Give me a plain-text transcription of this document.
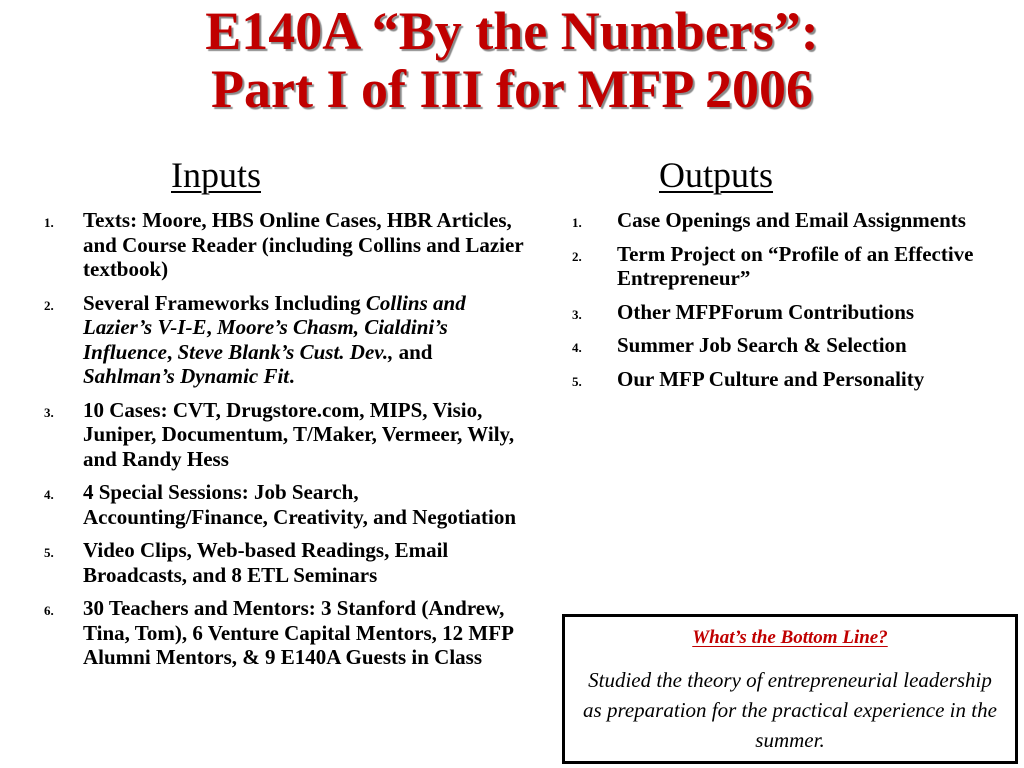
E140A “By the Numbers”:
Part I of III for MFP 2006
Inputs	Outputs
1. Texts: Moore, HBS Online Cases, HBR Articles, and Course Reader (including Collins and Lazier textbook)
2. Several Frameworks Including Collins and Lazier’s V-I-E, Moore’s Chasm, Cialdini’s Influence, Steve Blank’s Cust. Dev., and Sahlman’s Dynamic Fit.
3. 10 Cases: CVT, Drugstore.com, MIPS, Visio, Juniper, Documentum, T/Maker, Vermeer, Wily, and Randy Hess
4. 4 Special Sessions: Job Search, Accounting/Finance, Creativity, and Negotiation
5. Video Clips, Web-based Readings, Email Broadcasts, and 8 ETL Seminars
6. 30 Teachers and Mentors: 3 Stanford (Andrew, Tina, Tom), 6 Venture Capital Mentors, 12 MFP Alumni Mentors, & 9 E140A Guests in Class
1. Case Openings and Email Assignments
2. Term Project on “Profile of an Effective Entrepreneur”
3. Other MFPForum Contributions
4. Summer Job Search & Selection
5. Our MFP Culture and Personality
What’s the Bottom Line?
Studied the theory of entrepreneurial leadership as preparation for the practical experience in the summer.
